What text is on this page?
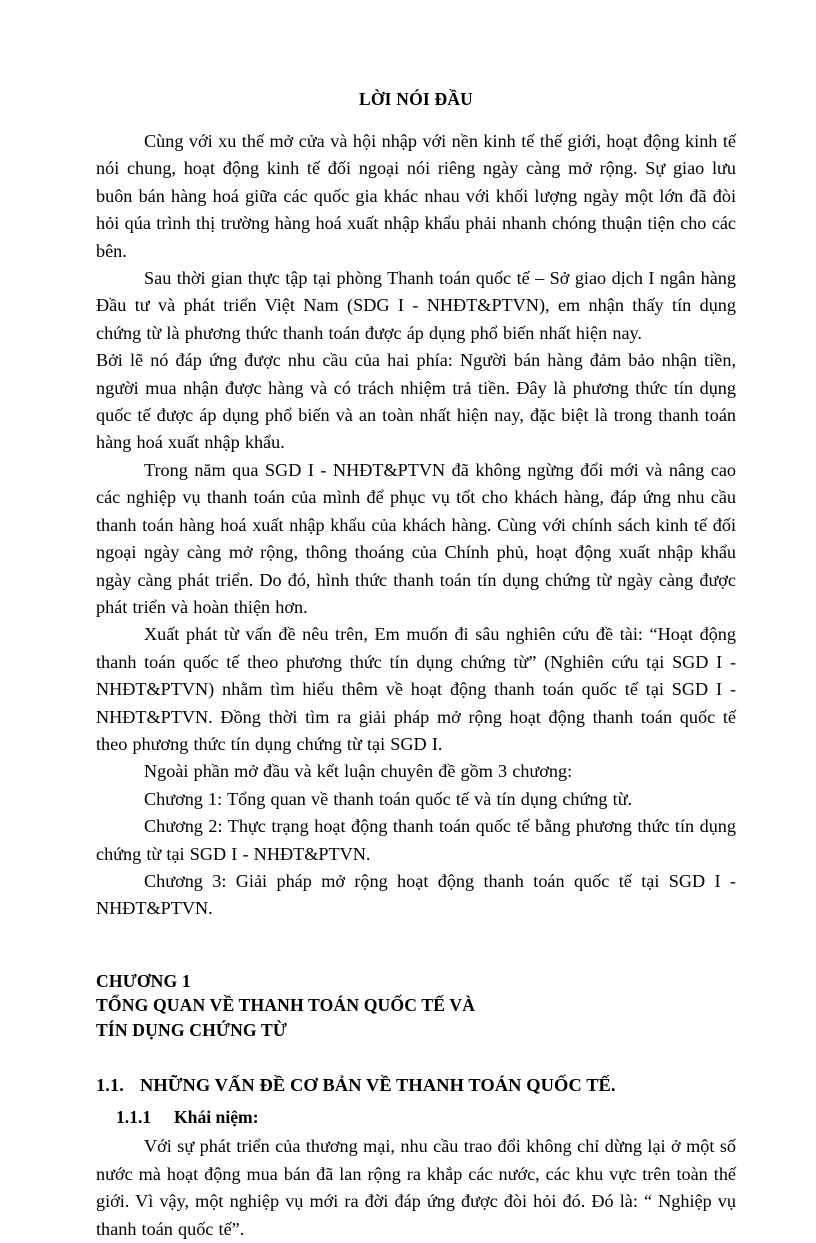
LỜI NÓI ĐẦU

Cùng với xu thế mở cửa và hội nhập với nền kinh tế thế giới, hoạt động kinh tế nói chung, hoạt động kinh tế đối ngoại nói riêng ngày càng mở rộng. Sự giao lưu buôn bán hàng hoá giữa các quốc gia khác nhau với khối lượng ngày một lớn đã đòi hỏi qúa trình thị trường hàng hoá xuất nhập khẩu phải nhanh chóng thuận tiện cho các bên.

Sau thời gian thực tập tại phòng Thanh toán quốc tế – Sở giao dịch I ngân hàng Đầu tư và phát triển Việt Nam (SDG I - NHĐT&PTVN), em nhận thấy tín dụng chứng từ là phương thức thanh toán được áp dụng phổ biến nhất hiện nay.

Bởi lẽ nó đáp ứng được nhu cầu của hai phía: Người bán hàng đảm bảo nhận tiền, người mua nhận được hàng và có trách nhiệm trả tiền. Đây là phương thức tín dụng quốc tế được áp dụng phổ biến và an toàn nhất hiện nay, đặc biệt là trong thanh toán hàng hoá xuất nhập khẩu.

Trong năm qua SGD I - NHĐT&PTVN đã không ngừng đổi mới và nâng cao các nghiệp vụ thanh toán của mình để phục vụ tốt cho khách hàng, đáp ứng nhu cầu thanh toán hàng hoá xuất nhập khẩu của khách hàng. Cùng với chính sách kinh tế đối ngoại ngày càng mở rộng, thông thoáng của Chính phủ, hoạt động xuất nhập khẩu ngày càng phát triển. Do đó, hình thức thanh toán tín dụng chứng từ ngày càng được phát triển và hoàn thiện hơn.

Xuất phát từ vấn đề nêu trên, Em muốn đi sâu nghiên cứu đề tài: “Hoạt động thanh toán quốc tế theo phương thức tín dụng chứng từ” (Nghiên cứu tại SGD I - NHĐT&PTVN) nhằm tìm hiểu thêm về hoạt động thanh toán quốc tế tại SGD I - NHĐT&PTVN. Đồng thời tìm ra giải pháp mở rộng hoạt động thanh toán quốc tế theo phương thức tín dụng chứng từ tại SGD I.

Ngoài phần mở đầu và kết luận chuyên đề gồm 3 chương:

Chương 1: Tổng quan về thanh toán quốc tế và tín dụng chứng từ.

Chương 2: Thực trạng hoạt động thanh toán quốc tế bằng phương thức tín dụng chứng từ tại SGD I - NHĐT&PTVN.

Chương 3: Giải pháp mở rộng hoạt động thanh toán quốc tế tại SGD I - NHĐT&PTVN.

CHƯƠNG 1
TỔNG QUAN VỀ THANH TOÁN QUỐC TẾ VÀ
TÍN DỤNG CHỨNG TỪ
1.1. NHỮNG VẤN ĐỀ CƠ BẢN VỀ THANH TOÁN QUỐC TẾ.
1.1.1 Khái niệm:

Với sự phát triển của thương mại, nhu cầu trao đổi không chỉ dừng lại ở một số nước mà hoạt động mua bán đã lan rộng ra khắp các nước, các khu vực trên toàn thế giới. Vì vậy, một nghiệp vụ mới ra đời đáp ứng được đòi hỏi đó. Đó là: “ Nghiệp vụ thanh toán quốc tế”.
